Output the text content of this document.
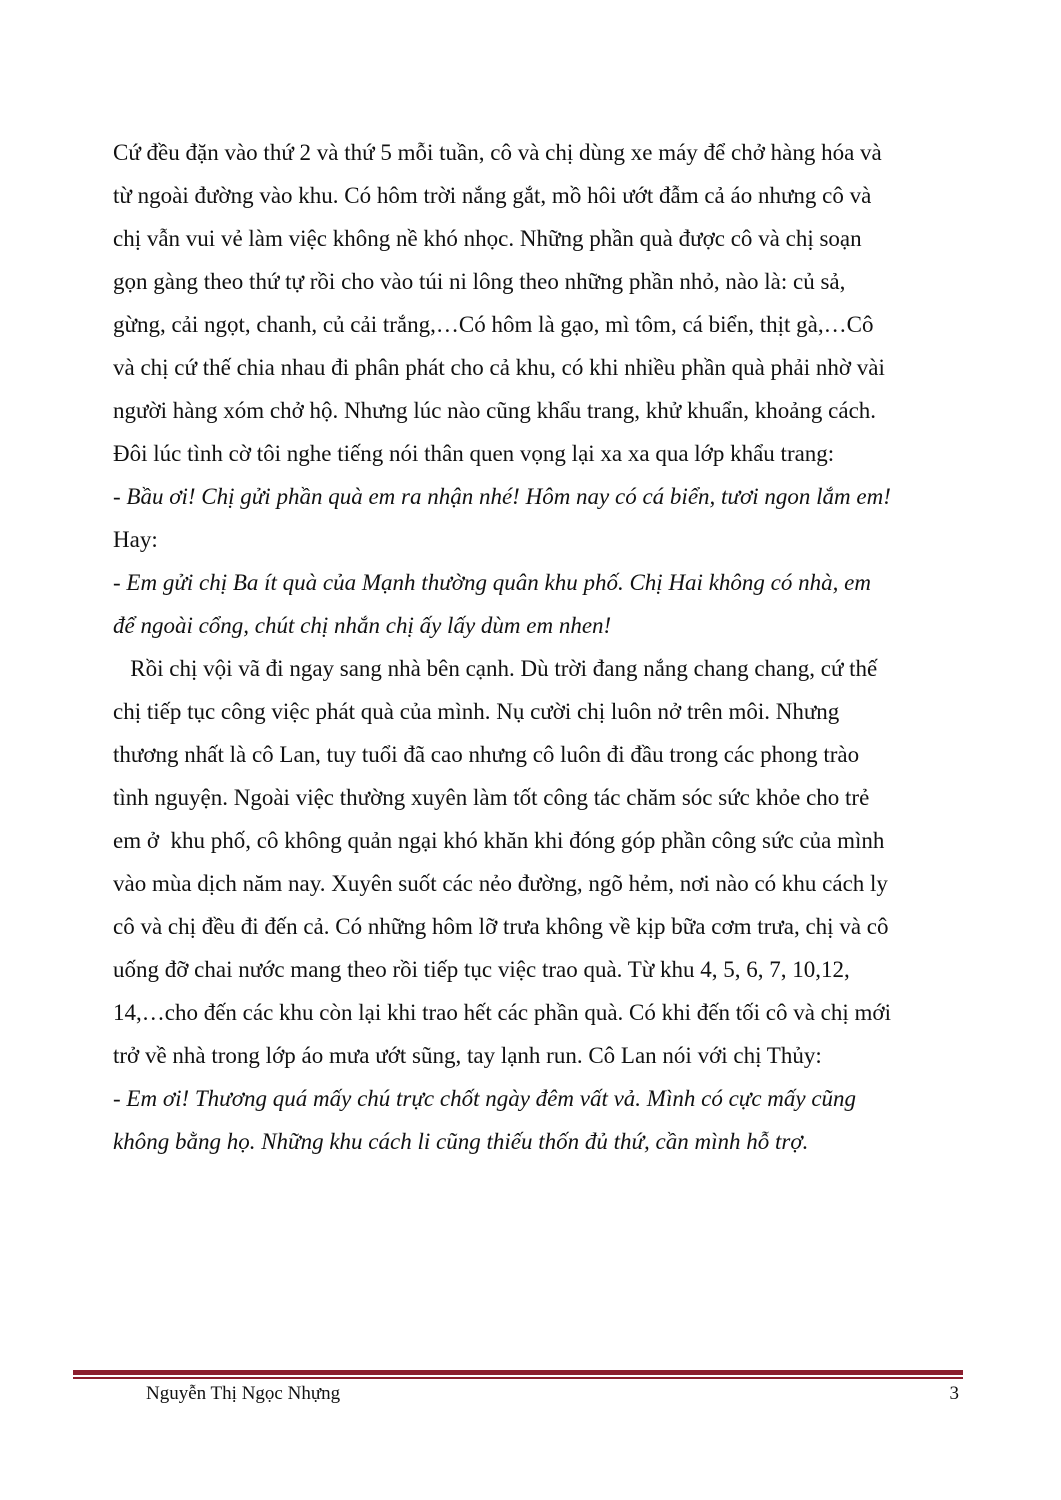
Cứ đều đặn vào thứ 2 và thứ 5 mỗi tuần, cô và chị dùng xe máy để chở hàng hóa và
từ ngoài đường vào khu. Có hôm trời nắng gắt, mồ hôi ướt đẫm cả áo nhưng cô và
chị vẫn vui vẻ làm việc không nề khó nhọc. Những phần quà được cô và chị soạn
gọn gàng theo thứ tự rồi cho vào túi ni lông theo những phần nhỏ, nào là: củ sả,
gừng, cải ngọt, chanh, củ cải trắng,…Có hôm là gạo, mì tôm, cá biển, thịt gà,…Cô
và chị cứ thế chia nhau đi phân phát cho cả khu, có khi nhiều phần quà phải nhờ vài
người hàng xóm chở hộ. Nhưng lúc nào cũng khẩu trang, khử khuẩn, khoảng cách.
Đôi lúc tình cờ tôi nghe tiếng nói thân quen vọng lại xa xa qua lớp khẩu trang:
- Bầu ơi! Chị gửi phần quà em ra nhận nhé! Hôm nay có cá biển, tươi ngon lắm em!
Hay:
- Em gửi chị Ba ít quà của Mạnh thường quân khu phố. Chị Hai không có nhà, em
để ngoài cổng, chút chị nhắn chị ấy lấy dùm em nhen!
Rồi chị vội vã đi ngay sang nhà bên cạnh. Dù trời đang nắng chang chang, cứ thế
chị tiếp tục công việc phát quà của mình. Nụ cười chị luôn nở trên môi. Nhưng
thương nhất là cô Lan, tuy tuổi đã cao nhưng cô luôn đi đầu trong các phong trào
tình nguyện. Ngoài việc thường xuyên làm tốt công tác chăm sóc sức khỏe cho trẻ
em ở  khu phố, cô không quản ngại khó khăn khi đóng góp phần công sức của mình
vào mùa dịch năm nay. Xuyên suốt các nẻo đường, ngõ hẻm, nơi nào có khu cách ly
cô và chị đều đi đến cả. Có những hôm lỡ trưa không về kịp bữa cơm trưa, chị và cô
uống đỡ chai nước mang theo rồi tiếp tục việc trao quà. Từ khu 4, 5, 6, 7, 10,12,
14,…cho đến các khu còn lại khi trao hết các phần quà. Có khi đến tối cô và chị mới
trở về nhà trong lớp áo mưa ướt sũng, tay lạnh run. Cô Lan nói với chị Thủy:
- Em ơi! Thương quá mấy chú trực chốt ngày đêm vất vả. Mình có cực mấy cũng
không bằng họ. Những khu cách li cũng thiếu thốn đủ thứ, cần mình hỗ trợ.
Nguyễn Thị Ngọc Nhựng	3
